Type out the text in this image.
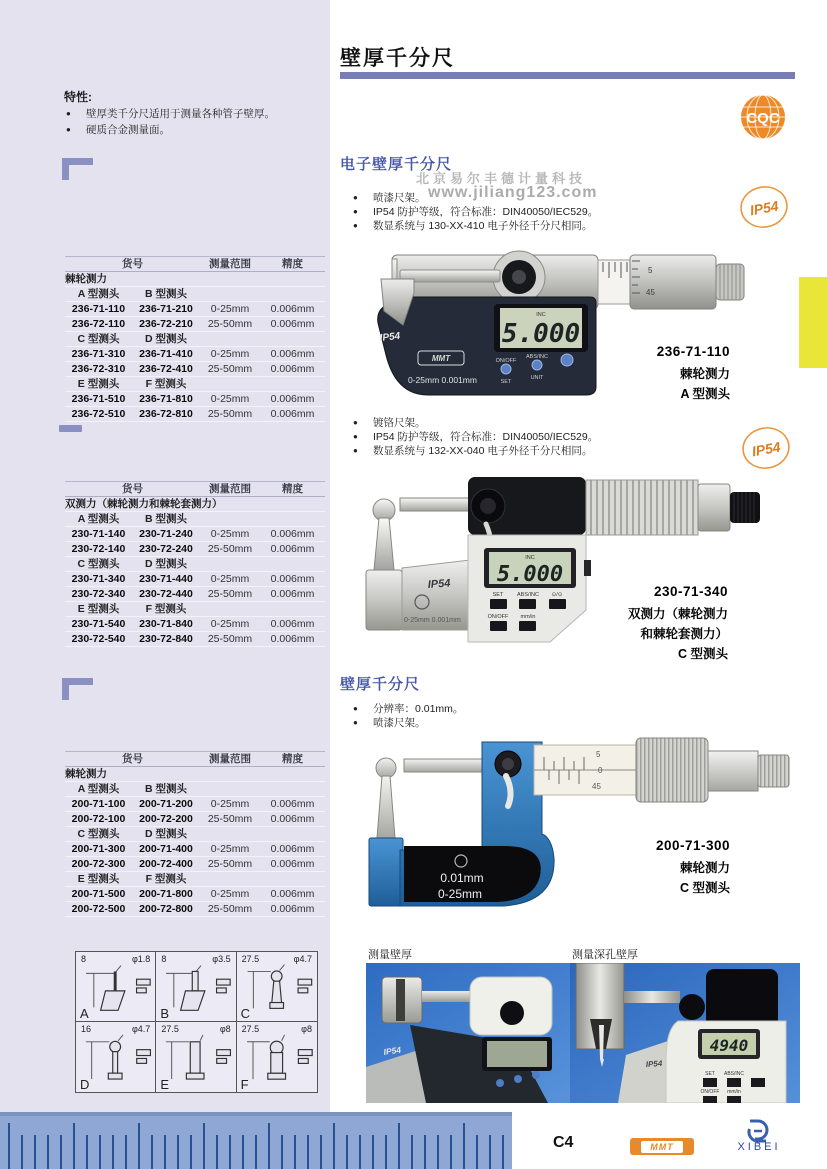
壁厚千分尺
CQC
特性:
●
壁厚类千分尺适用于测量各种管子壁厚。
●
硬质合金测量面。
货号		测量范围	精度
棘轮测力			
A 型测头	B 型测头		
236-71-110	236-71-210	0-25mm	0.006mm
236-72-110	236-72-210	25-50mm	0.006mm
C 型测头	D 型测头		
236-71-310	236-71-410	0-25mm	0.006mm
236-72-310	236-72-410	25-50mm	0.006mm
E 型测头	F 型测头		
236-71-510	236-71-810	0-25mm	0.006mm
236-72-510	236-72-810	25-50mm	0.006mm
货号		测量范围	精度
双测力（棘轮测力和棘轮套测力）			
A 型测头	B 型测头		
230-71-140	230-71-240	0-25mm	0.006mm
230-72-140	230-72-240	25-50mm	0.006mm
C 型测头	D 型测头		
230-71-340	230-71-440	0-25mm	0.006mm
230-72-340	230-72-440	25-50mm	0.006mm
E 型测头	F 型测头		
230-71-540	230-71-840	0-25mm	0.006mm
230-72-540	230-72-840	25-50mm	0.006mm
货号		测量范围	精度
棘轮测力			
A 型测头	B 型测头		
200-71-100	200-71-200	0-25mm	0.006mm
200-72-100	200-72-200	25-50mm	0.006mm
C 型测头	D 型测头		
200-71-300	200-71-400	0-25mm	0.006mm
200-72-300	200-72-400	25-50mm	0.006mm
E 型测头	F 型测头		
200-71-500	200-71-800	0-25mm	0.006mm
200-72-500	200-72-800	25-50mm	0.006mm
电子壁厚千分尺
北京易尔丰德计量科技
www.jiliang123.com
●
喷漆尺架。
●
IP54 防护等级，符合标准：DIN40050/IEC529。
●
数显系统与 130-XX-410 电子外径千分尺相同。
IP54
5
45
IP54
MMT
0-25mm 0.001mm
INC
5.000
ON/OFF
SET
ABS/INC
UNIT
236-71-110
棘轮测力
A 型测头
●
镀铬尺架。
●
IP54 防护等级，符合标准：DIN40050/IEC529。
●
数显系统与 132-XX-040 电子外径千分尺相同。	IP54
IP54
0-25mm 0.001mm
INC
5.000
SET ABS/INC ⊙/⊙
ON/OFF mm/in
230-71-340
双测力（棘轮测力
和棘轮套测力）
C 型测头
壁厚千分尺
●
分辨率：0.01mm。
●
喷漆尺架。
0.01mm
0-25mm
5
0
45
200-71-300
棘轮测力
C 型测头
8	φ1.8
A
8	φ3.5
B
27.5	φ4.7
C
16	φ4.7
D
27.5	φ8
E
27.5	φ8
F
测量壁厚	测量深孔壁厚
IP54	4940
IP54
SET ABS/INC
ON/OFF mm/in
C4	MMT	XIBEI
